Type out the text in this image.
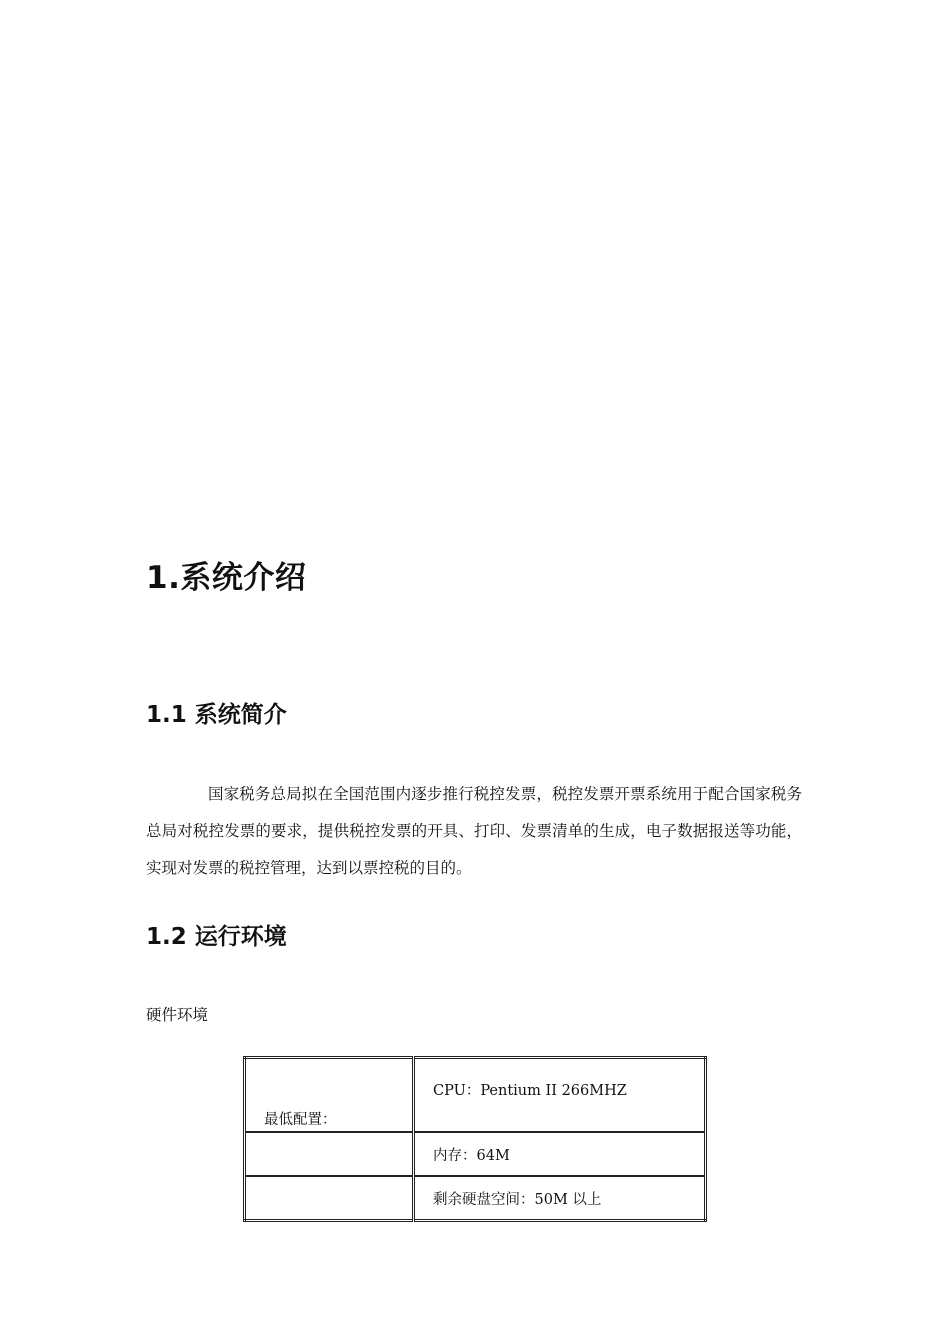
1.系统介绍
1.1 系统简介

国家税务总局拟在全国范围内逐步推行税控发票，税控发票开票系统用于配合国家税务总局对税控发票的要求，提供税控发票的开具、打印、发票清单的生成，电子数据报送等功能，实现对发票的税控管理，达到以票控税的目的。

1.2 运行环境

硬件环境

最低配置：	CPU：Pentium II 266MHZ
	内存：64M
	剩余硬盘空间：50M 以上
